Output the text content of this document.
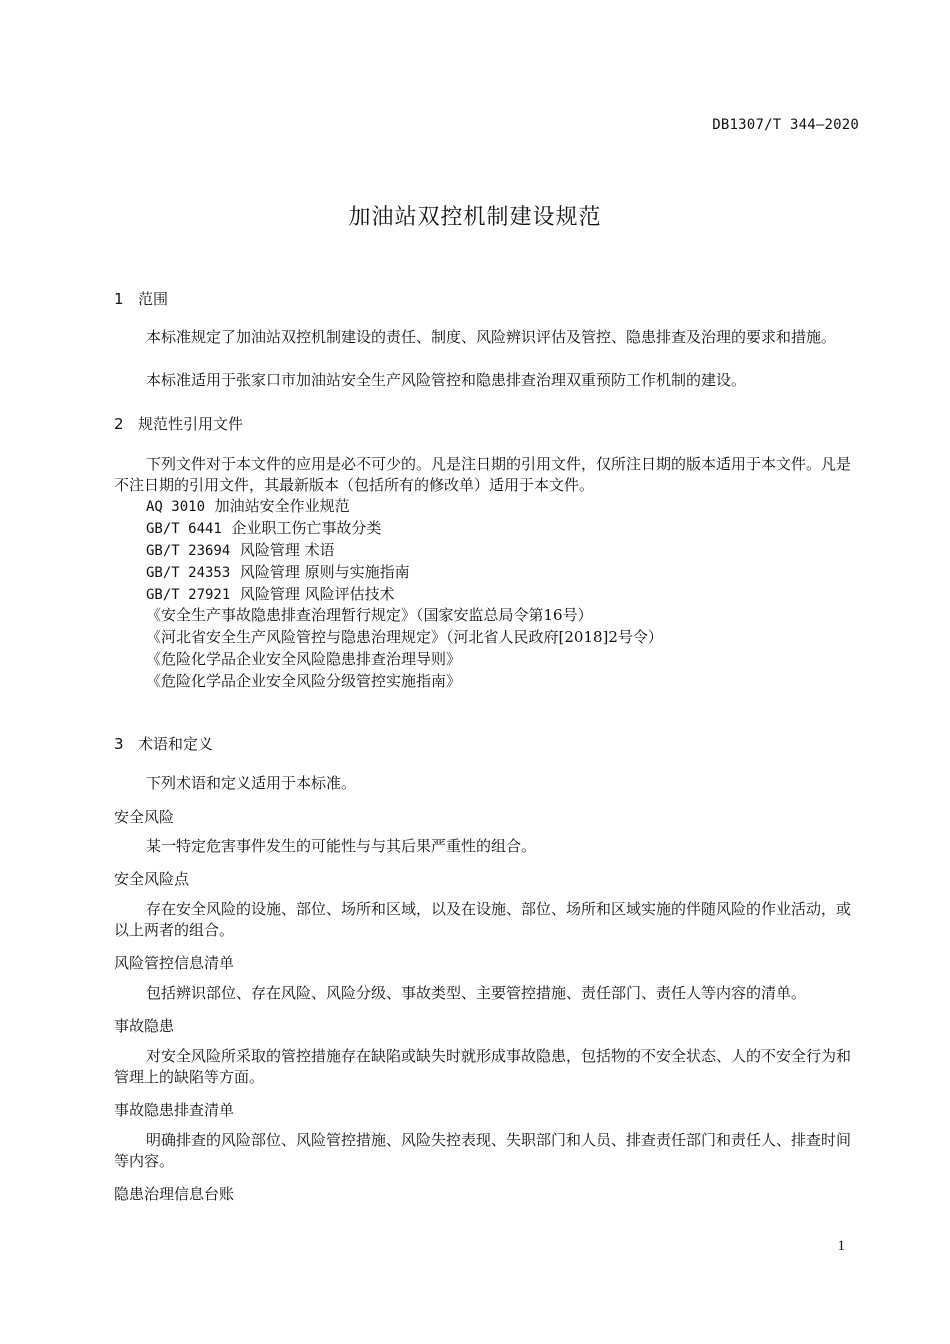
DB1307/T 344—2020
加油站双控机制建设规范
1 范围
本标准规定了加油站双控机制建设的责任、制度、风险辨识评估及管控、隐患排查及治理的要求和措施。
本标准适用于张家口市加油站安全生产风险管控和隐患排查治理双重预防工作机制的建设。
2 规范性引用文件
下列文件对于本文件的应用是必不可少的。凡是注日期的引用文件，仅所注日期的版本适用于本文件。凡是不注日期的引用文件，其最新版本（包括所有的修改单）适用于本文件。
AQ 3010 加油站安全作业规范
GB/T 6441 企业职工伤亡事故分类
GB/T 23694 风险管理 术语
GB/T 24353 风险管理 原则与实施指南
GB/T 27921 风险管理 风险评估技术
《安全生产事故隐患排查治理暂行规定》（国家安监总局令第16号）
《河北省安全生产风险管控与隐患治理规定》（河北省人民政府[2018]2号令）
《危险化学品企业安全风险隐患排查治理导则》
《危险化学品企业安全风险分级管控实施指南》
3 术语和定义
下列术语和定义适用于本标准。
安全风险
某一特定危害事件发生的可能性与与其后果严重性的组合。
安全风险点
存在安全风险的设施、部位、场所和区域，以及在设施、部位、场所和区域实施的伴随风险的作业活动，或以上两者的组合。
风险管控信息清单
包括辨识部位、存在风险、风险分级、事故类型、主要管控措施、责任部门、责任人等内容的清单。
事故隐患
对安全风险所采取的管控措施存在缺陷或缺失时就形成事故隐患，包括物的不安全状态、人的不安全行为和管理上的缺陷等方面。
事故隐患排查清单
明确排查的风险部位、风险管控措施、风险失控表现、失职部门和人员、排查责任部门和责任人、排查时间等内容。
隐患治理信息台账
1
